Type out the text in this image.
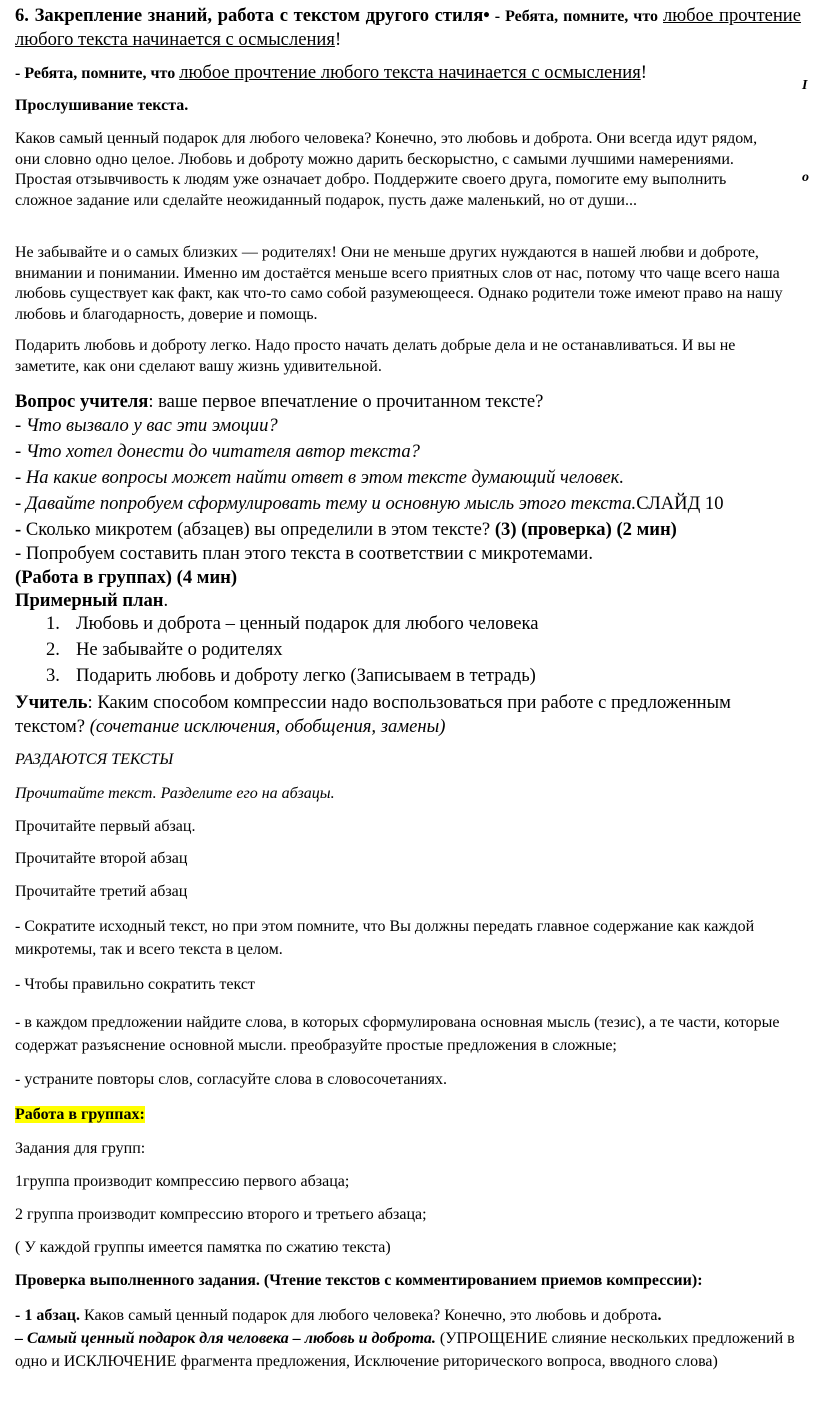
6. Закрепление знаний, работа с текстом другого стиля• - Ребята, помните, что любое прочтение любого текста начинается с осмысления!

- Ребята, помните, что любое прочтение любого текста начинается с осмысления!

I

Прослушивание текста.

Каков самый ценный подарок для любого человека? Конечно, это любовь и доброта. Они всегда идут рядом, они словно одно целое. Любовь и доброту можно дарить бескорыстно, с самыми лучшими намерениями. Простая отзывчивость к людям уже означает добро. Поддержите своего друга, помогите ему выполнить сложное задание или сделайте неожиданный подарок, пусть даже маленький, но от души...

o

Не забывайте и о самых близких — родителях! Они не меньше других нуждаются в нашей любви и доброте, внимании и понимании. Именно им достаётся меньше всего приятных слов от нас, потому что чаще всего наша любовь существует как факт, как что-то само собой разумеющееся. Однако родители тоже имеют право на нашу любовь и благодарность, доверие и помощь.

Подарить любовь и доброту легко. Надо просто начать делать добрые дела и не останавливаться. И вы не заметите, как они сделают вашу жизнь удивительной.

Вопрос учителя: ваше первое впечатление о прочитанном тексте?

- Что вызвало у вас эти эмоции?

- Что хотел донести до читателя автор текста?

- На какие вопросы может найти ответ в этом тексте думающий человек.

- Давайте попробуем сформулировать тему и основную мысль этого текста.СЛАЙД 10

- Сколько микротем (абзацев) вы определили в этом тексте? (3) (проверка) (2 мин)

- Попробуем составить план этого текста в соответствии с микротемами.

(Работа в группах) (4 мин)

Примерный план.

1. Любовь и доброта – ценный подарок для любого человека
2. Не забывайте о родителях
3. Подарить любовь и доброту легко (Записываем в тетрадь)

Учитель: Каким способом компрессии надо воспользоваться при работе с предложенным текстом? (сочетание исключения, обобщения, замены)

РАЗДАЮТСЯ ТЕКСТЫ

Прочитайте текст. Разделите его на абзацы.

Прочитайте первый абзац.

Прочитайте второй абзац

Прочитайте третий абзац

- Сократите исходный текст, но при этом помните, что Вы должны передать главное содержание как каждой микротемы, так и всего текста в целом.

- Чтобы правильно сократить текст

- в каждом предложении найдите слова, в которых сформулирована основная мысль (тезис), а те части, которые содержат разъяснение основной мысли. преобразуйте простые предложения в сложные;

- устраните повторы слов, согласуйте слова в словосочетаниях.

Работа в группах:

Задания для групп:

1группа производит компрессию первого абзаца;

2 группа производит компрессию второго и третьего абзаца;

( У каждой группы имеется памятка по сжатию текста)

Проверка выполненного задания. (Чтение текстов с комментированием приемов компрессии):

- 1 абзац. Каков самый ценный подарок для любого человека? Конечно, это любовь и доброта.
– Самый ценный подарок для человека – любовь и доброта. (УПРОЩЕНИЕ слияние нескольких предложений в одно и ИСКЛЮЧЕНИЕ фрагмента предложения, Исключение риторического вопроса, вводного слова)
